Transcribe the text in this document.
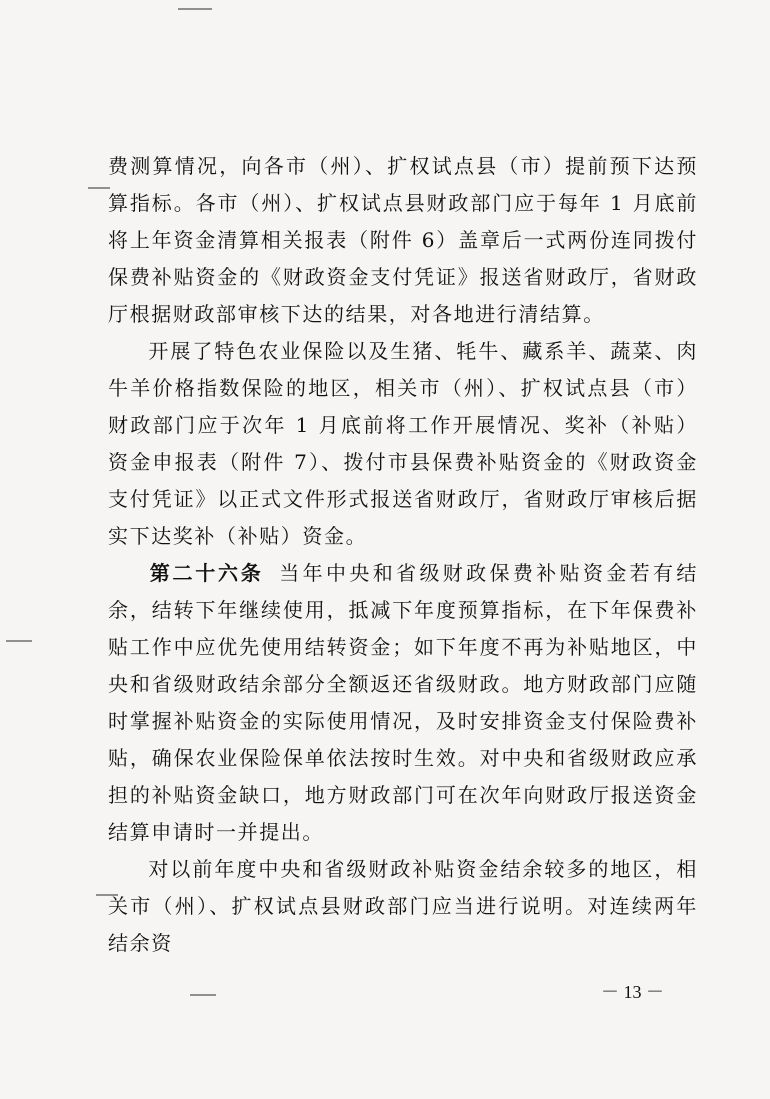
费测算情况，向各市（州）、扩权试点县（市）提前预下达预算指标。各市（州）、扩权试点县财政部门应于每年 1 月底前将上年资金清算相关报表（附件 6）盖章后一式两份连同拨付保费补贴资金的《财政资金支付凭证》报送省财政厅，省财政厅根据财政部审核下达的结果，对各地进行清结算。
开展了特色农业保险以及生猪、牦牛、藏系羊、蔬菜、肉牛羊价格指数保险的地区，相关市（州）、扩权试点县（市）财政部门应于次年 1 月底前将工作开展情况、奖补（补贴）资金申报表（附件 7）、拨付市县保费补贴资金的《财政资金支付凭证》以正式文件形式报送省财政厅，省财政厅审核后据实下达奖补（补贴）资金。
第二十六条 当年中央和省级财政保费补贴资金若有结余，结转下年继续使用，抵减下年度预算指标，在下年保费补贴工作中应优先使用结转资金；如下年度不再为补贴地区，中央和省级财政结余部分全额返还省级财政。地方财政部门应随时掌握补贴资金的实际使用情况，及时安排资金支付保险费补贴，确保农业保险保单依法按时生效。对中央和省级财政应承担的补贴资金缺口，地方财政部门可在次年向财政厅报送资金结算申请时一并提出。
对以前年度中央和省级财政补贴资金结余较多的地区，相关市（州）、扩权试点县财政部门应当进行说明。对连续两年结余资
－ 13 －
